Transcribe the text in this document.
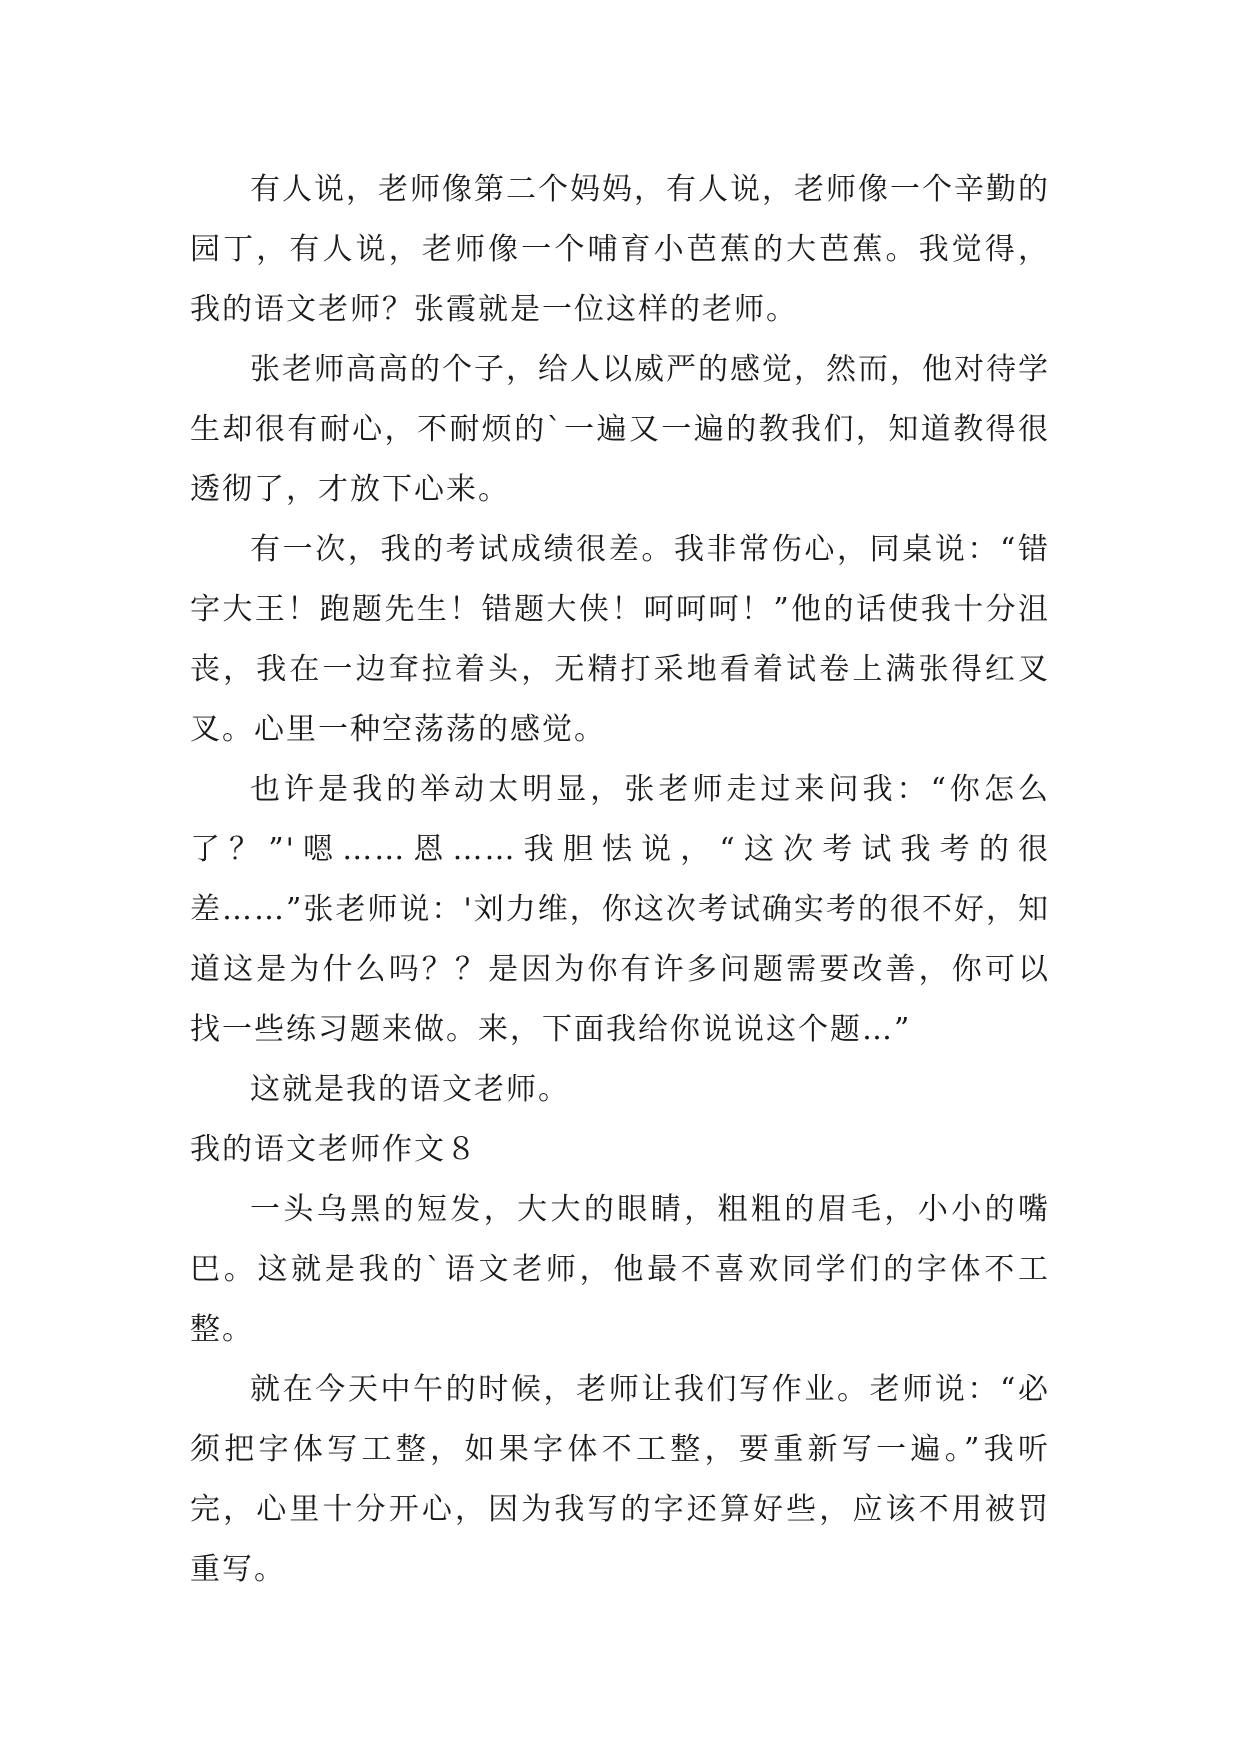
有人说，老师像第二个妈妈，有人说，老师像一个辛勤的园丁，有人说，老师像一个哺育小芭蕉的大芭蕉。我觉得，我的语文老师？张霞就是一位这样的老师。

张老师高高的个子，给人以威严的感觉，然而，他对待学生却很有耐心，不耐烦的`一遍又一遍的教我们，知道教得很透彻了，才放下心来。

有一次，我的考试成绩很差。我非常伤心，同桌说：“错字大王！跑题先生！错题大侠！呵呵呵！”他的话使我十分沮丧，我在一边耷拉着头，无精打采地看着试卷上满张得红叉叉。心里一种空荡荡的感觉。

也许是我的举动太明显，张老师走过来问我：“你怎么了？”'嗯……恩……我胆怯说，“这次考试我考的很差……”张老师说：'刘力维，你这次考试确实考的很不好，知道这是为什么吗？？是因为你有许多问题需要改善，你可以找一些练习题来做。来，下面我给你说说这个题…”

这就是我的语文老师。

我的语文老师作文８

一头乌黑的短发，大大的眼睛，粗粗的眉毛，小小的嘴巴。这就是我的`语文老师，他最不喜欢同学们的字体不工整。

就在今天中午的时候，老师让我们写作业。老师说：“必须把字体写工整，如果字体不工整，要重新写一遍。”我听完，心里十分开心，因为我写的字还算好些，应该不用被罚重写。
